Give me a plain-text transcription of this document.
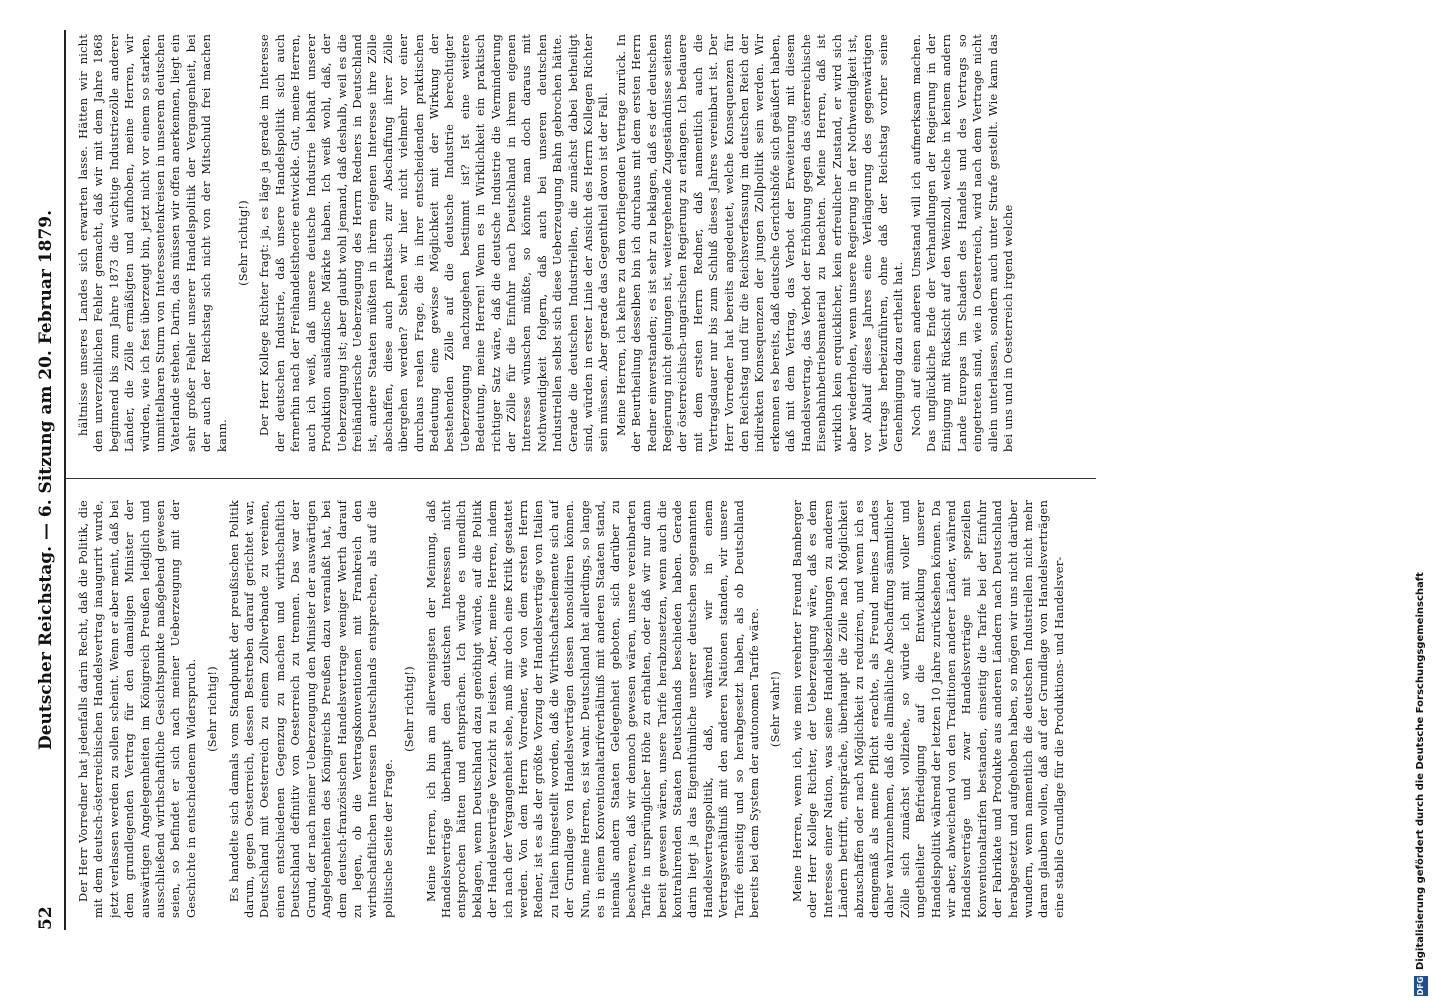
52
Deutscher Reichstag. — 6. Sitzung am 20. Februar 1879. Der Herr Vorredner hat jedenfalls darin Recht, daß die Politik, die mit dem deutsch-österreichischen Handelsvertrag inaugurirt wurde, jetzt verlassen werden zu sollen scheint. Wenn er aber meint, daß bei dem grundlegenden Vertrag für den damaligen Minister der auswärtigen Angelegenheiten im Königreich Preußen lediglich und ausschließend wirthschaftliche Gesichtspunkte maßgebend gewesen seien, so befindet er sich nach meiner Ueberzeugung mit der Geschichte in entschiedenem Widerspruch. (Sehr richtig!) Es handelte sich damals vom Standpunkt der preußischen Politik darum, gegen Oesterreich, dessen Bestreben darauf gerichtet war, Deutschland mit Oesterreich zu einem Zollverbande zu vereinen, einen entschiedenen Gegenzug zu machen und wirthschaftlich Deutschland definitiv von Oesterreich zu trennen. Das war der Grund, der nach meiner Ueberzeugung den Minister der auswärtigen Angelegenheiten des Königreichs Preußen dazu veranlaßt hat, bei dem deutsch-französischen Handelsvertrage weniger Werth darauf zu legen, ob die Vertragskonventionen mit Frankreich den wirthschaftlichen Interessen Deutschlands entsprechen, als auf die politische Seite der Frage.

(Sehr richtig!) Meine Herren, ich bin am allerwenigsten der Meinung, daß Handelsverträge überhaupt den deutschen Interessen nicht entsprochen hätten und entsprächen. Ich würde es unendlich beklagen, wenn Deutschland dazu genöthigt würde, auf die Politik der Handelsverträge Verzicht zu leisten. Aber, meine Herren, indem ich nach der Vergangenheit sehe, muß mir doch eine Kritik gestattet werden. Von dem Herrn Vorredner, wie von dem ersten Herrn Redner, ist es als der größte Vorzug der Handelsverträge von Italien zu Italien hingestellt worden, daß die Wirthschaftselemente sich auf der Grundlage von Handelsverträgen dessen konsolidiren können. Nun, meine Herren, es ist wahr. Deutschland hat allerdings, so lange es in einem Konventionaltarifverhältniß mit anderen Staaten stand, niemals andern Staaten Gelegenheit geboten, sich darüber zu beschweren, daß wir dennoch gewesen wären, unsere vereinbarten Tarife in ursprünglicher Höhe zu erhalten, oder daß wir nur dann bereit gewesen wären, unsere Tarife herabzusetzen, wenn auch die kontrahirenden Staaten Deutschlands beschieden haben. Gerade darin liegt ja das Eigenthümliche unserer deutschen sogenannten Handelsvertragspolitik, daß, während wir in einem Vertragsverhältniß mit den anderen Nationen standen, wir unsere Tarife einseitig und so herabgesetzt haben, als ob Deutschland bereits bei dem System der autonomen Tarife wäre. (Sehr wahr!) Meine Herren, wenn ich, wie mein verehrter Freund Bamberger oder Herr Kollege Richter, der Ueberzeugung wäre, daß es dem Interesse einer Nation, was seine Handelsbeziehungen zu anderen Ländern betrifft, entspräche, überhaupt die Zölle nach Möglichkeit abzuschaffen oder nach Möglichkeit zu reduziren, und wenn ich es demgemäß als meine Pflicht erachte, als Freund meines Landes daher wahrzunehmen, daß die allmähliche Abschaffung sämmtlicher Zölle sich zunächst vollziehe, so würde ich mit voller und ungetheilter Befriedigung auf die Entwicklung unserer Handelspolitik während der letzten 10 Jahre zurücksehen können. Da wir aber, abweichend von den Traditionen anderer Länder, während Handelsverträge und zwar Handelsverträge mit speziellen Konventionaltarifen bestanden, einseitig die Tarife bei der Einfuhr der Fabrikate und Produkte aus anderen Ländern nach Deutschland herabgesetzt und aufgehoben haben, so mögen wir uns nicht darüber wundern, wenn namentlich die deutschen Industriellen nicht mehr daran glauben wollen, daß auf der Grundlage von Handelsverträgen eine stabile Grundlage für die Produktions- und Handelsver-

hältnisse unseres Landes sich erwarten lasse. Hätten wir nicht den unverzeihlichen Fehler gemacht, daß wir mit dem Jahre 1868 beginnend bis zum Jahre 1873 die wichtige Industriezölle anderer Länder, die Zölle ermäßigten und aufhoben, meine Herren, wir würden, wie ich fest überzeugt bin, jetzt nicht vor einem so starken, unmittelbaren Sturm von Interessentenkreisen in unserem deutschen Vaterlande stehen. Darin, das müssen wir offen anerkennen, liegt ein sehr großer Fehler unserer Handelspolitik der Vergangenheit, bei der auch der Reichstag sich nicht von der Mitschuld frei machen kann.

(Sehr richtig!) Der Herr Kollege Richter fragt: ja, es läge ja gerade im Interesse der deutschen Industrie, daß unsere Handelspolitik sich auch fernerhin nach der Freihandelstheorie entwickle. Gut, meine Herren, auch ich weiß, daß unsere deutsche Industrie lebhaft unserer Produktion ausländische Märkte haben. Ich weiß wohl, daß, der Ueberzeugung ist; aber glaubt wohl jemand, daß deshalb, weil es die freihändlerische Ueberzeugung des Herrn Redners in Deutschland ist, andere Staaten müßten in ihrem eigenen Interesse ihre Zölle abschaffen, diese auch praktisch zur Abschaffung ihrer Zölle übergehen werden? Stehen wir hier nicht vielmehr vor einer durchaus realen Frage, die in ihrer entscheidenden praktischen Bedeutung eine gewisse Möglichkeit mit der Wirkung der bestehenden Zölle auf die deutsche Industrie berechtigter Ueberzeugung nachzugehen bestimmt ist? Ist eine weitere Bedeutung, meine Herren! Wenn es in Wirklichkeit ein praktisch richtiger Satz wäre, daß die deutsche Industrie die Verminderung der Zölle für die Einfuhr nach Deutschland in ihrem eigenen Interesse wünschen müßte, so könnte man doch daraus mit Nothwendigkeit folgern, daß auch bei unseren deutschen Industriellen selbst sich diese Ueberzeugung Bahn gebrochen hätte. Gerade die deutschen Industriellen, die zunächst dabei betheiligt sind, würden in erster Linie der Ansicht des Herrn Kollegen Richter sein müssen. Aber gerade das Gegentheil davon ist der Fall. Meine Herren, ich kehre zu dem vorliegenden Vertrage zurück. In der Beurtheilung desselben bin ich durchaus mit dem ersten Herrn Redner einverstanden; es ist sehr zu beklagen, daß es der deutschen Regierung nicht gelungen ist, weitergehende Zugeständnisse seitens der österreichisch-ungarischen Regierung zu erlangen. Ich bedauere mit dem ersten Herrn Redner, daß namentlich auch die Vertragsdauer nur bis zum Schluß dieses Jahres vereinbart ist. Der Herr Vorredner hat bereits angedeutet, welche Konsequenzen für den Reichstag und für die Reichsverfassung im deutschen Reich der indirekten Konsequenzen der jungen Zollpolitik sein werden. Wir erkennen es bereits, daß deutsche Gerichtshöfe sich geäußert haben, daß mit dem Vertrag, das Verbot der Erweiterung mit diesem Handelsvertrag, das Verbot der Erhöhung gegen das österreichische Eisenbahnbetriebsmaterial zu beachten. Meine Herren, daß ist wirklich kein erquicklicher, kein erfreulicher Zustand, er wird sich aber wiederholen, wenn unsere Regierung in der Nothwendigkeit ist, vor Ablauf dieses Jahres eine Verlängerung des gegenwärtigen Vertrags herbeizuführen, ohne daß der Reichstag vorher seine Genehmigung dazu ertheilt hat. Noch auf einen anderen Umstand will ich aufmerksam machen. Das unglückliche Ende der Verhandlungen der Regierung in der Einigung mit Rücksicht auf den Weinzoll, welche in keinem andern Lande Europas im Schaden des Handels und des Vertrags so eingetreten sind, wie in Oesterreich, wird nach dem Vertrage nicht allein unterlassen, sondern auch unter Strafe gestellt. Wie kann das bei uns und in Oesterreich irgend welche

DFG
Digitalisierung gefördert durch die Deutsche Forschungsgemeinschaft
